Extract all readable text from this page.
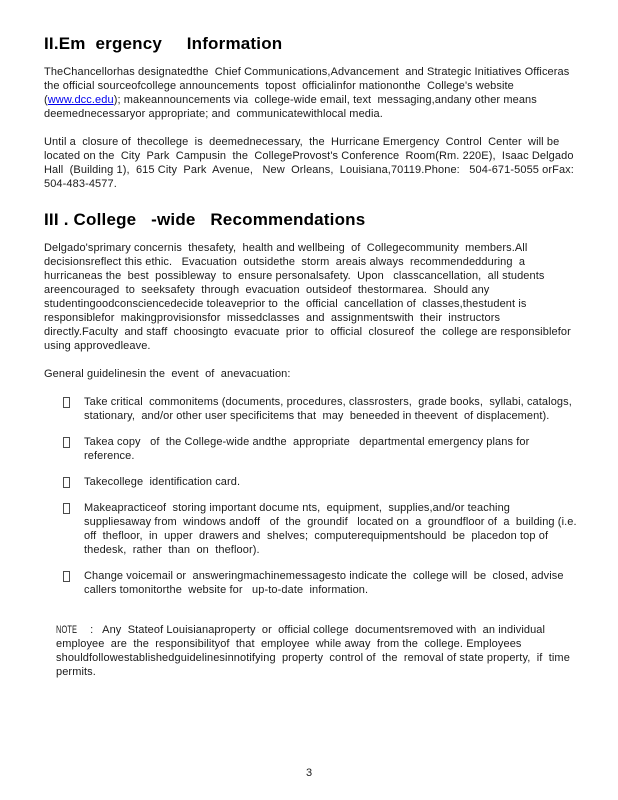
II.Em  ergency     Information

TheChancellorhas designatedthe  Chief Communications,Advancement  and Strategic Initiatives Officeras  the official sourceofcollege announcements  topost  officialinfor mationonthe  College's website (www.dcc.edu); makeannouncements via  college-wide email, text  messaging,andany other means deemednecessaryor appropriate; and  communicatewithlocal media.

Until a  closure of  thecollege  is  deemednecessary,  the  Hurricane Emergency  Control  Center  will be located on the  City  Park  Campusin  the  CollegeProvost's Conference  Room(Rm. 220E),  Isaac Delgado Hall  (Building 1),  615 City  Park  Avenue,   New  Orleans,  Louisiana,70119.Phone:   504-671-5055 orFax:   504-483-4577.

III . College   -wide   Recommendations

Delgado'sprimary concernis  thesafety,  health and wellbeing  of  Collegecommunity  members.All decisionsreflect this ethic.   Evacuation  outsidethe  storm  areais always  recommendedduring  a hurricaneas the  best  possibleway  to  ensure personalsafety.  Upon   classcancellation,  all students areencouraged  to  seeksafety  through  evacuation  outsideof  thestormarea.  Should any studentingoodconsciencedecide toleaveprior to  the  official  cancellation of  classes,thestudent is  responsiblefor  makingprovisionsfor  missedclasses  and  assignmentswith  their  instructors directly.Faculty  and staff  choosingto  evacuate  prior  to  official  closureof  the  college are responsiblefor using approvedleave.

General guidelinesin the  event  of  anevacuation:

Take critical  commonitems (documents, procedures, classrosters,  grade books,  syllabi, catalogs, stationary,  and/or other user specificitems that  may  beneeded in theevent  of displacement).
Takea copy   of  the College-wide andthe  appropriate   departmental emergency plans for reference.
Takecollege  identification card.
Makeapracticeof  storing important docume nts,  equipment,  supplies,and/or teaching suppliesaway from  windows andoff   of  the  groundif   located on  a  groundfloor of  a  building (i.e.  off  thefloor,  in  upper  drawers and  shelves;  computerequipmentshould  be  placedon top of  thedesk,  rather  than  on  thefloor).
Change voicemail or  answeringmachinemessagesto indicate the  college will  be  closed, advise callers tomonitorthe  website for   up-to-date  information.

NOTE :   Any  Stateof Louisianaproperty  or  official college  documentsremoved with  an individual employee  are  the  responsibilityof  that  employee  while away  from the  college. Employees  shouldfollowestablishedguidelinesinnotifying  property  control of  the  removal of state property,  if  time permits.

3
